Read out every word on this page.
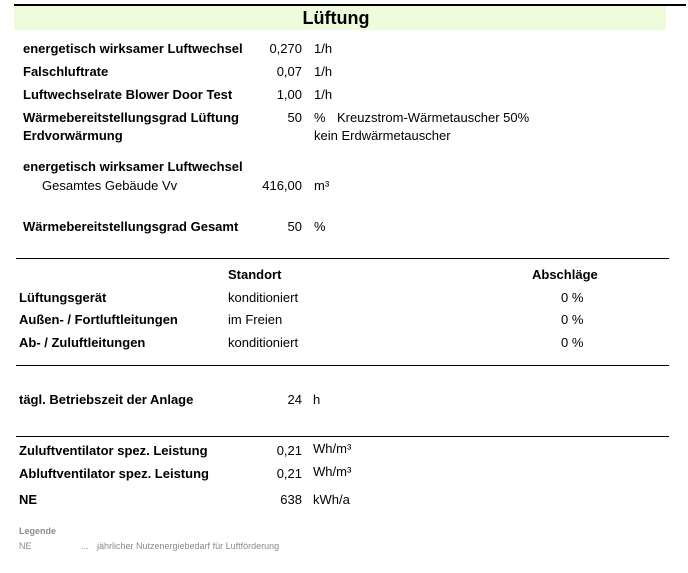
Lüftung
energetisch wirksamer Luftwechsel	0,270 1/h
Falschluftrate	0,07 1/h
Luftwechselrate Blower Door Test	1,00 1/h
Wärmebereitstellungsgrad Lüftung	50 % Kreuzstrom-Wärmetauscher 50%
Erdvorwärmung	kein Erdwärmetauscher
energetisch wirksamer Luftwechsel
Gesamtes Gebäude Vv	416,00 m³
Wärmebereitstellungsgrad Gesamt	50 %
Standort	Abschläge
Lüftungsgerät	konditioniert	0 %
Außen- / Fortluftleitungen	im Freien	0 %
Ab- / Zuluftleitungen	konditioniert	0 %
tägl. Betriebszeit der Anlage	24 h
Zuluftventilator spez. Leistung	0,21 Wh/m³
Abluftventilator spez. Leistung	0,21 Wh/m³
NE	638 kWh/a
Legende
NE	... jährlicher Nutzenergiebedarf für Luftförderung
